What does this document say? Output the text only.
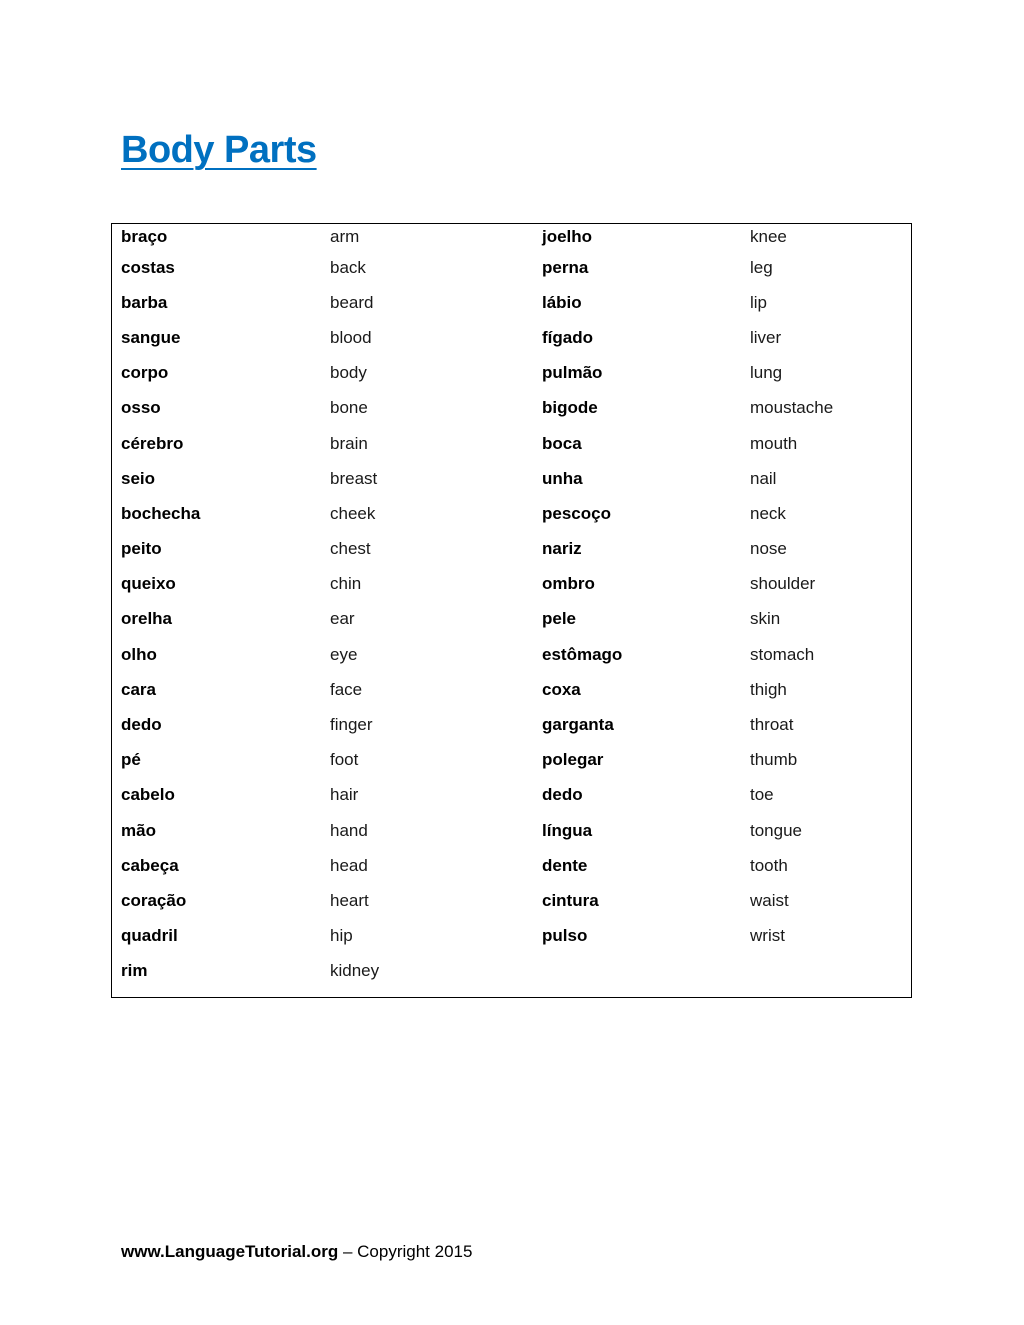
Body Parts
braço	arm	joelho	knee
costas	back	perna	leg
barba	beard	lábio	lip
sangue	blood	fígado	liver
corpo	body	pulmão	lung
osso	bone	bigode	moustache
cérebro	brain	boca	mouth
seio	breast	unha	nail
bochecha	cheek	pescoço	neck
peito	chest	nariz	nose
queixo	chin	ombro	shoulder
orelha	ear	pele	skin
olho	eye	estômago	stomach
cara	face	coxa	thigh
dedo	finger	garganta	throat
pé	foot	polegar	thumb
cabelo	hair	dedo	toe
mão	hand	língua	tongue
cabeça	head	dente	tooth
coração	heart	cintura	waist
quadril	hip	pulso	wrist
rim	kidney		
www.LanguageTutorial.org – Copyright 2015
